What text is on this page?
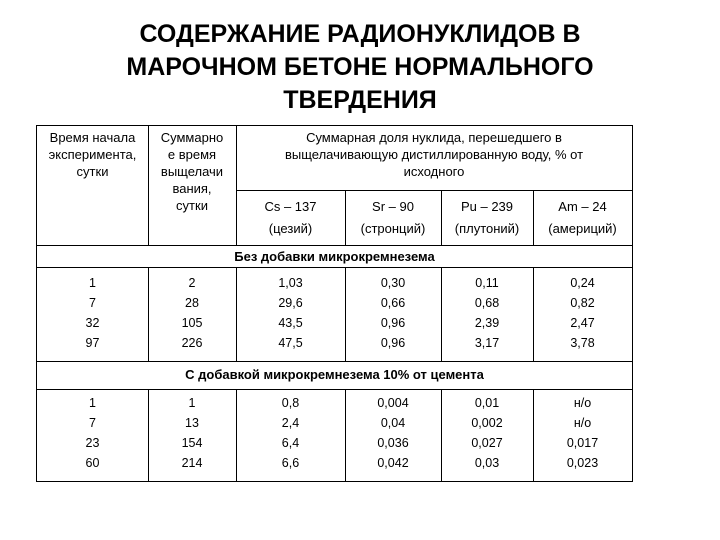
СОДЕРЖАНИЕ РАДИОНУКЛИДОВ В
МАРОЧНОМ БЕТОНЕ НОРМАЛЬНОГО
ТВЕРДЕНИЯ
Время начала
эксперимента,
сутки
Суммарно
е время
выщелачи
вания,
сутки
Суммарная доля нуклида, перешедшего в
выщелачивающую дистиллированную воду, % от
исходного
Cs – 137
(цезий)
Sr – 90
(стронций)
Pu – 239
(плутоний)
Am – 24
(америций)
Без добавки микрокремнезема
1
7
32
97
2
28
105
226
1,03
29,6
43,5
47,5
0,30
0,66
0,96
0,96
0,11
0,68
2,39
3,17
0,24
0,82
2,47
3,78
С добавкой микрокремнезема 10% от цемента
1
7
23
60
1
13
154
214
0,8
2,4
6,4
6,6
0,004
0,04
0,036
0,042
0,01
0,002
0,027
0,03
н/о
н/о
0,017
0,023
